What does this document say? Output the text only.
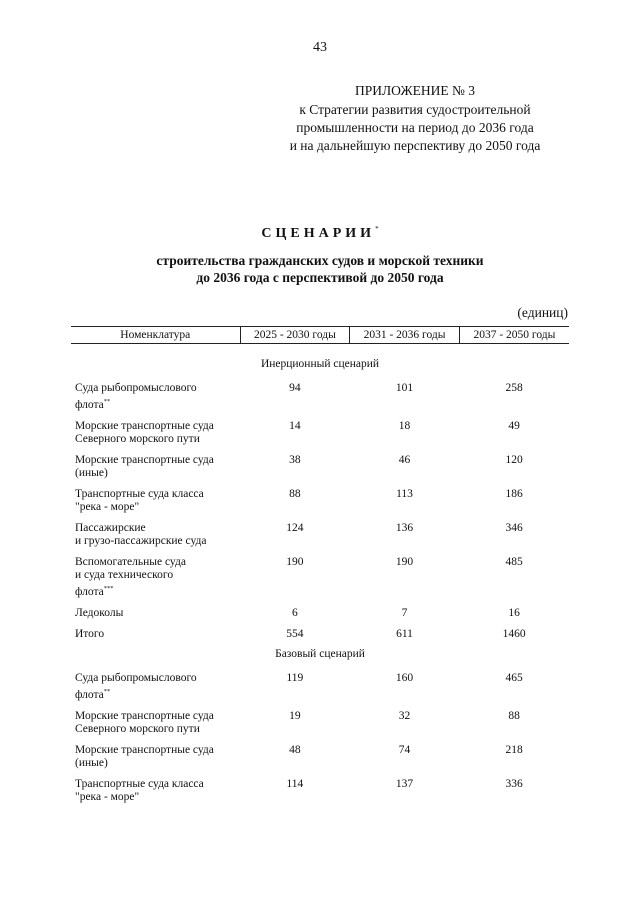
43
ПРИЛОЖЕНИЕ № 3
к Стратегии развития судостроительной
промышленности на период до 2036 года
и на дальнейшую перспективу до 2050 года
СЦЕНАРИИ*
строительства гражданских судов и морской техники
до 2036 года с перспективой до 2050 года
(единиц)
Номенклатура	2025 - 2030 годы	2031 - 2036 годы	2037 - 2050 годы
Инерционный сценарий			
Суда рыбопромыслового
флота**	94	101	258
Морские транспортные суда
Северного морского пути	14	18	49
Морские транспортные суда
(иные)	38	46	120
Транспортные суда класса
"река - море"	88	113	186
Пассажирские
и грузо-пассажирские суда	124	136	346
Вспомогательные суда
и суда технического
флота***	190	190	485
Ледоколы	6	7	16
Итого	554	611	1460
Базовый сценарий			
Суда рыбопромыслового
флота**	119	160	465
Морские транспортные суда
Северного морского пути	19	32	88
Морские транспортные суда
(иные)	48	74	218
Транспортные суда класса
"река - море"	114	137	336
